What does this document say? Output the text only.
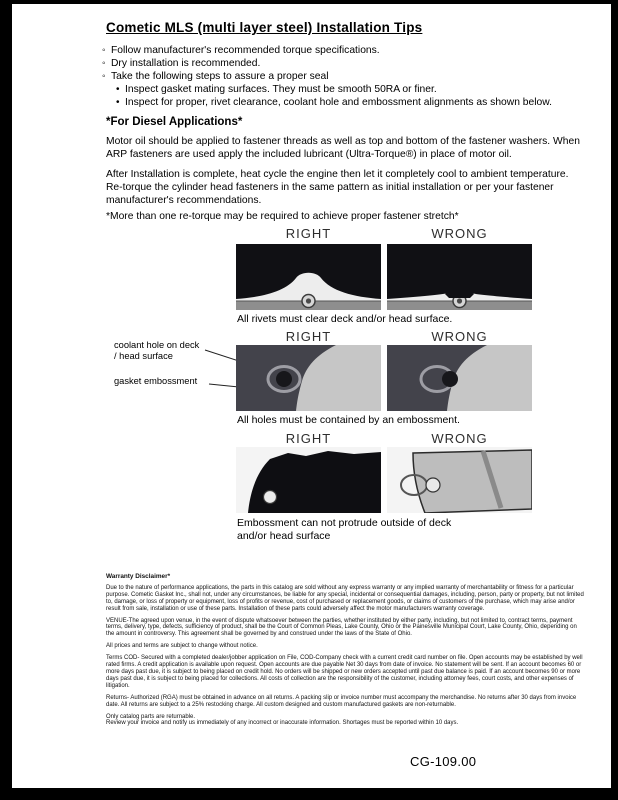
Cometic MLS (multi layer steel) Installation Tips
◦Follow manufacturer's recommended torque specifications.
◦Dry installation is recommended.
◦Take the following steps to assure a proper seal
•Inspect gasket mating surfaces. They must be smooth 50RA or finer.
•Inspect for proper, rivet clearance, coolant hole and embossment alignments as shown below.
*For Diesel Applications*

Motor oil should be applied to fastener threads as well as top and bottom of the fastener washers. When ARP fasteners are used apply the included lubricant (Ultra-Torque®) in place of motor oil.

After Installation is complete, heat cycle the engine then let it completely cool to ambient temperature. Re-torque the cylinder head fasteners in the same pattern as initial installation or per your fastener manufacturer's recommendations.

*More than one re-torque may be required to achieve proper fastener stretch*

RIGHT	WRONG
All rivets must clear deck and/or head surface.
RIGHT	WRONG
coolant hole on deck / head surface
gasket embossment
All holes must be contained by an embossment.
RIGHT	WRONG
Embossment can not protrude outside of deck and/or head surface
Warranty Disclaimer*

Due to the nature of performance applications, the parts in this catalog are sold without any express warranty or any implied warranty of merchantability or fitness for a particular purpose. Cometic Gasket Inc., shall not, under any circumstances, be liable for any special, incidental or consequential damages, including, person, party or property, but not limited to, damage, or loss of property or equipment, loss of profits or revenue, cost of purchased or replacement goods, or claims of customers of the purchase, which may arise and/or result from sale, installation or use of these parts. Installation of these parts could adversely affect the motor manufacturers warranty coverage.

VENUE-The agreed upon venue, in the event of dispute whatsoever between the parties, whether instituted by either party, including, but not limited to, contract terms, payment terms, delivery, type, defects, sufficiency of product, shall be the Court of Common Pleas, Lake County, Ohio or the Painesville Municipal Court, Lake County, Ohio, depending on the amount in controversy. This agreement shall be governed by and construed under the laws of the State of Ohio.

All prices and terms are subject to change without notice.

Terms COD- Secured with a completed dealer/jobber application on File, COD-Company check with a current credit card number on file. Open accounts may be established by well rated firms. A credit application is available upon request. Open accounts are due payable Net 30 days from date of invoice. No statement will be sent. If an account becomes 60 or more days past due, it is subject to being placed on credit hold. No orders will be shipped or new orders accepted until past due balance is paid. If an account becomes 90 or more days past due, it is subject to being placed for collections. All costs of collection are the responsibility of the customer, including attorney fees, court costs, and other expenses of litigation.

Returns- Authorized (RGA) must be obtained in advance on all returns. A packing slip or invoice number must accompany the merchandise. No returns after 30 days from invoice date. All returns are subject to a 25% restocking charge. All custom designed and custom manufactured gaskets are non-returnable.

Only catalog parts are returnable.

Review your invoice and notify us immediately of any incorrect or inaccurate information. Shortages must be reported within 10 days.

CG-109.00
